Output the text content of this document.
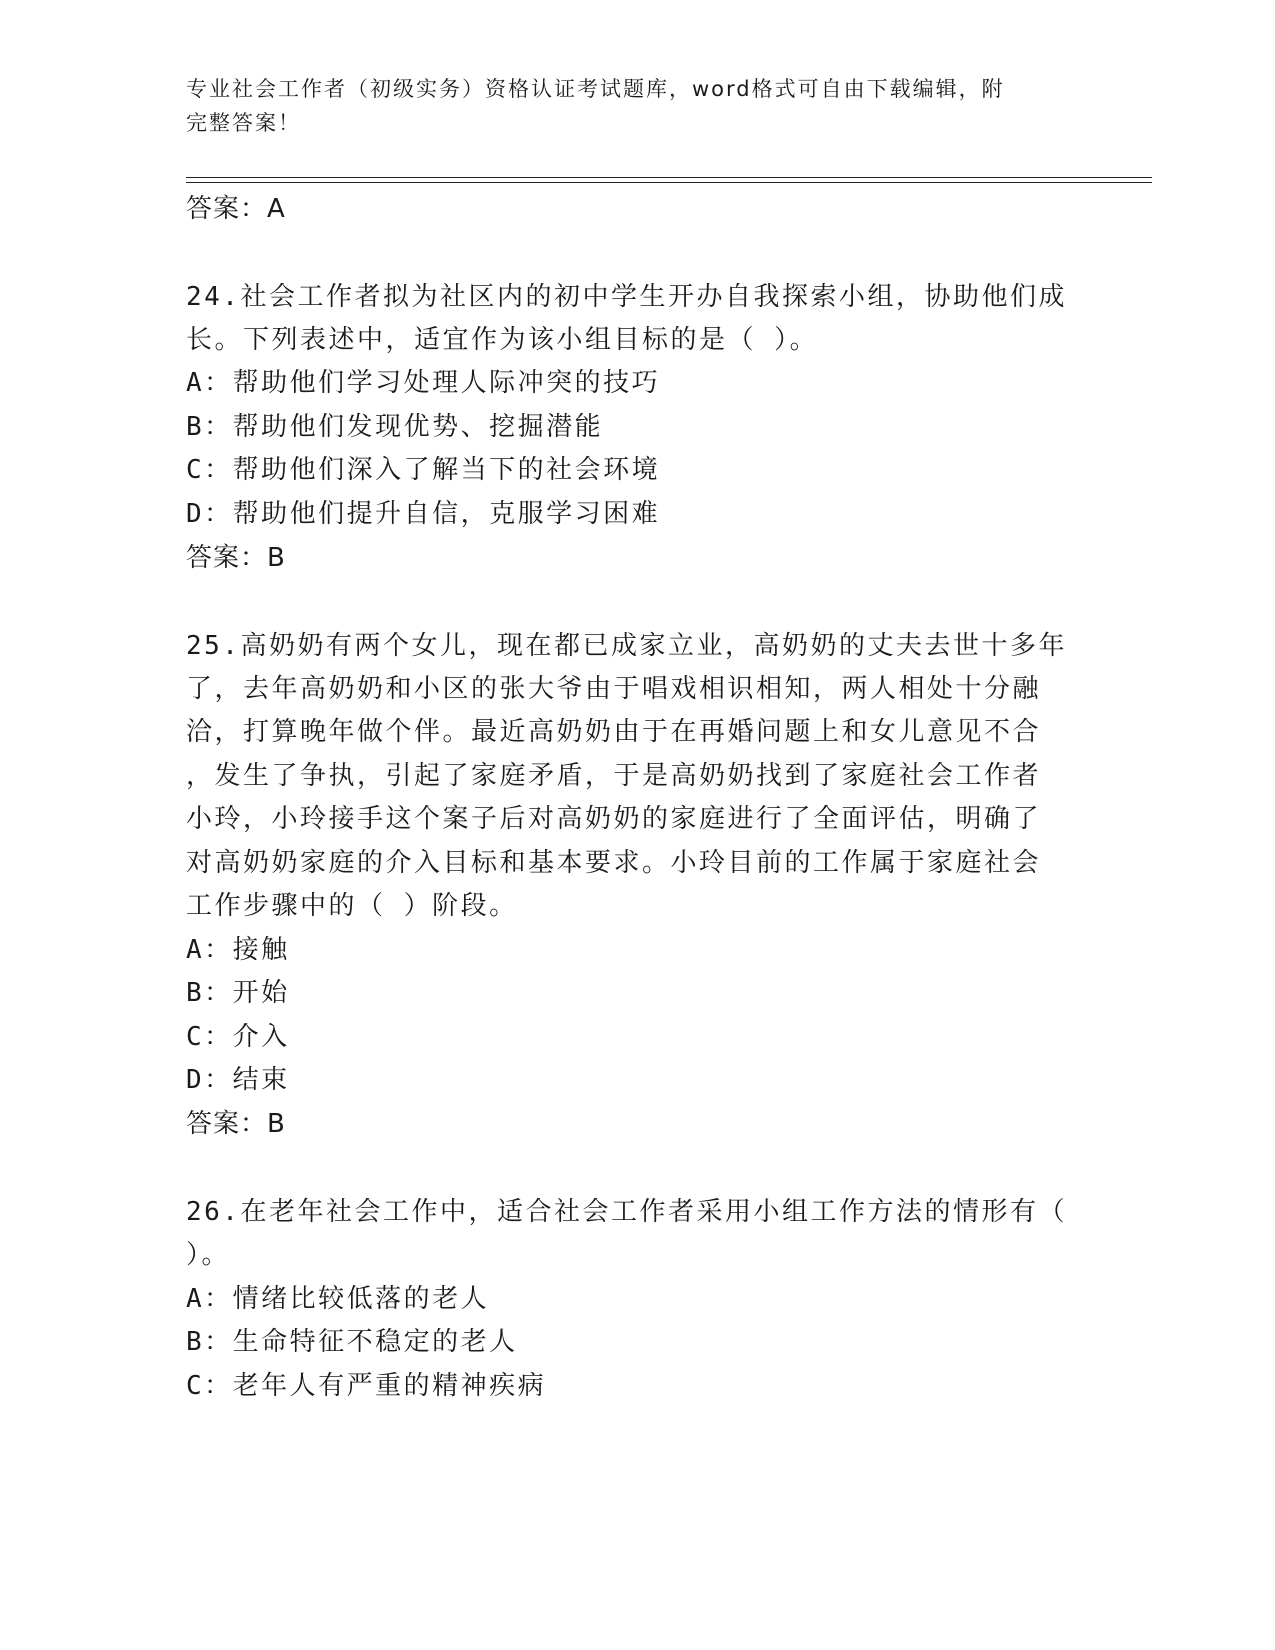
专业社会工作者（初级实务）资格认证考试题库，word格式可自由下载编辑，附
完整答案！
答案：A
24.社会工作者拟为社区内的初中学生开办自我探索小组，协助他们成
长。下列表述中，适宜作为该小组目标的是（ ）。
A：帮助他们学习处理人际冲突的技巧
B：帮助他们发现优势、挖掘潜能
C：帮助他们深入了解当下的社会环境
D：帮助他们提升自信，克服学习困难
答案：B
25.高奶奶有两个女儿，现在都已成家立业，高奶奶的丈夫去世十多年
了，去年高奶奶和小区的张大爷由于唱戏相识相知，两人相处十分融
洽，打算晚年做个伴。最近高奶奶由于在再婚问题上和女儿意见不合
，发生了争执，引起了家庭矛盾，于是高奶奶找到了家庭社会工作者
小玲，小玲接手这个案子后对高奶奶的家庭进行了全面评估，明确了
对高奶奶家庭的介入目标和基本要求。小玲目前的工作属于家庭社会
工作步骤中的（ ）阶段。
A：接触
B：开始
C：介入
D：结束
答案：B
26.在老年社会工作中，适合社会工作者采用小组工作方法的情形有（
）。
A：情绪比较低落的老人
B：生命特征不稳定的老人
C：老年人有严重的精神疾病
